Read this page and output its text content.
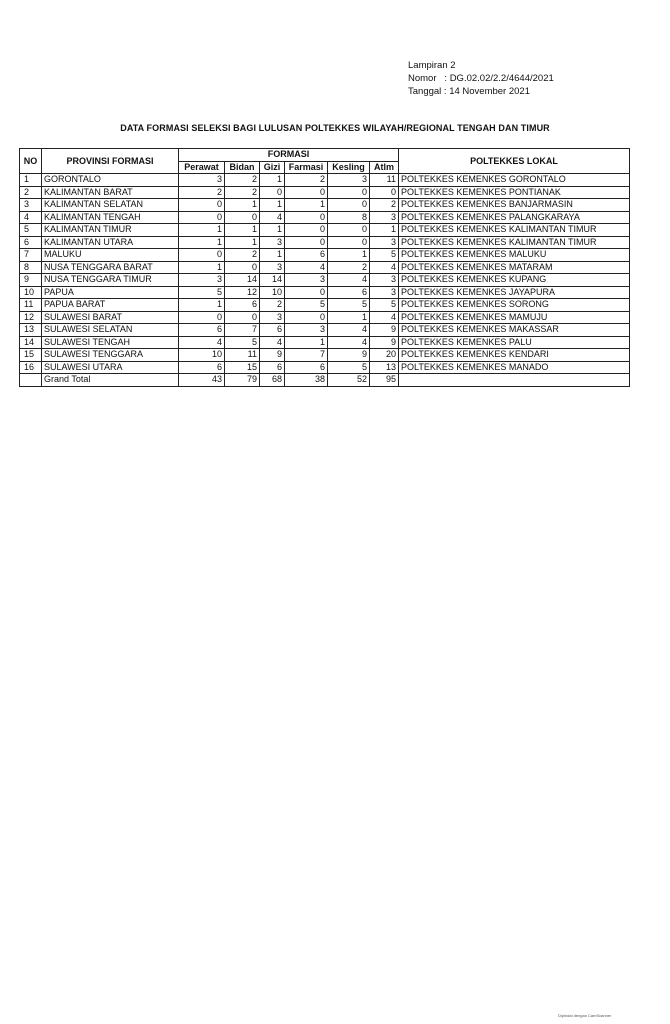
Lampiran 2
Nomor   : DG.02.02/2.2/4644/2021
Tanggal : 14 November 2021
DATA FORMASI SELEKSI BAGI LULUSAN POLTEKKES WILAYAH/REGIONAL TENGAH DAN TIMUR
NO	PROVINSI FORMASI	FORMASI						POLTEKKES LOKAL
		Perawat	Bidan	Gizi	Farmasi	Kesling	Atlm	
1	GORONTALO	3	2	1	2	3	11	POLTEKKES KEMENKES GORONTALO
2	KALIMANTAN BARAT	2	2	0	0	0	0	POLTEKKES KEMENKES PONTIANAK
3	KALIMANTAN SELATAN	0	1	1	1	0	2	POLTEKKES KEMENKES BANJARMASIN
4	KALIMANTAN TENGAH	0	0	4	0	8	3	POLTEKKES KEMENKES PALANGKARAYA
5	KALIMANTAN TIMUR	1	1	1	0	0	1	POLTEKKES KEMENKES KALIMANTAN TIMUR
6	KALIMANTAN UTARA	1	1	3	0	0	3	POLTEKKES KEMENKES KALIMANTAN TIMUR
7	MALUKU	0	2	1	6	1	5	POLTEKKES KEMENKES MALUKU
8	NUSA TENGGARA BARAT	1	0	3	4	2	4	POLTEKKES KEMENKES MATARAM
9	NUSA TENGGARA TIMUR	3	14	14	3	4	3	POLTEKKES KEMENKES KUPANG
10	PAPUA	5	12	10	0	6	3	POLTEKKES KEMENKES JAYAPURA
11	PAPUA BARAT	1	6	2	5	5	5	POLTEKKES KEMENKES SORONG
12	SULAWESI BARAT	0	0	3	0	1	4	POLTEKKES KEMENKES MAMUJU
13	SULAWESI SELATAN	6	7	6	3	4	9	POLTEKKES KEMENKES MAKASSAR
14	SULAWESI TENGAH	4	5	4	1	4	9	POLTEKKES KEMENKES PALU
15	SULAWESI TENGGARA	10	11	9	7	9	20	POLTEKKES KEMENKES KENDARI
16	SULAWESI UTARA	6	15	6	6	5	13	POLTEKKES KEMENKES MANADO
	Grand Total	43	79	68	38	52	95	
Dipindai dengan CamScanner
